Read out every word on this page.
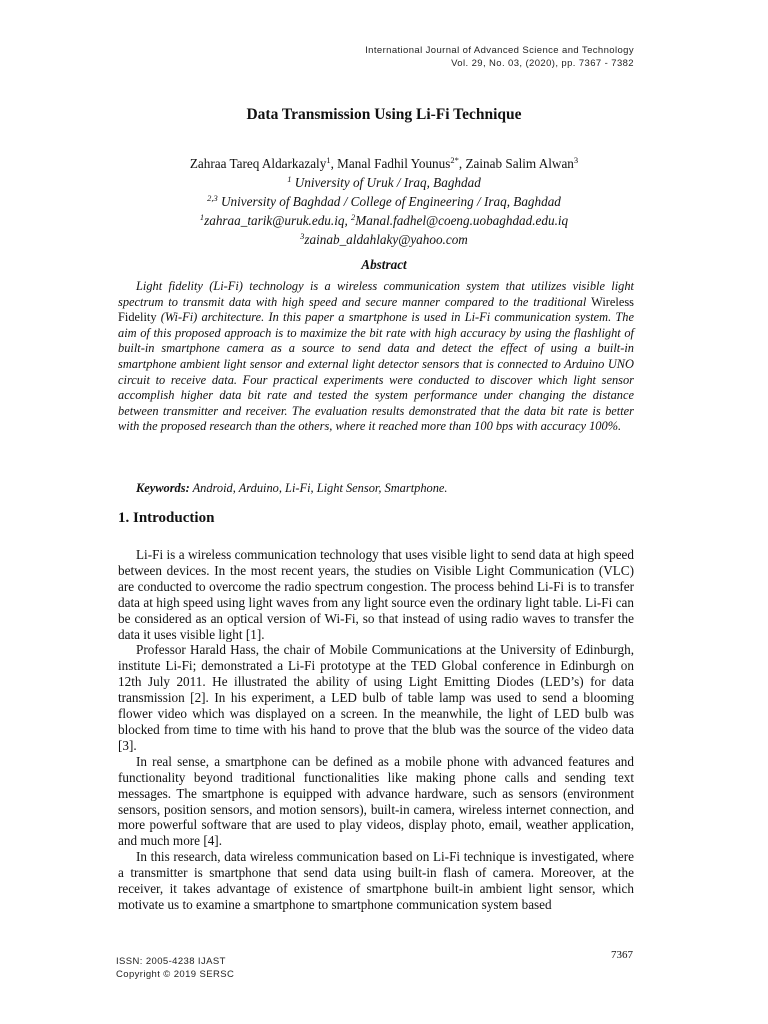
International Journal of Advanced Science and Technology
Vol. 29, No. 03, (2020), pp. 7367 - 7382
Data Transmission Using Li-Fi Technique
Zahraa Tareq Aldarkazaly$^1$, Manal Fadhil Younus$^{2*}$, Zainab Salim Alwan$^3$
$^1$ University of Uruk / Iraq, Baghdad
$^{2,3}$ University of Baghdad / College of Engineering / Iraq, Baghdad
$^1$zahraa_tarik@uruk.edu.iq, $^2$Manal.fadhel@coeng.uobaghdad.edu.iq
$^3$zainab_aldahlaky@yahoo.com
Abstract

Light fidelity (Li-Fi) technology is a wireless communication system that utilizes visible light spectrum to transmit data with high speed and secure manner compared to the traditional Wireless Fidelity (Wi-Fi) architecture. In this paper a smartphone is used in Li-Fi communication system. The aim of this proposed approach is to maximize the bit rate with high accuracy by using the flashlight of built-in smartphone camera as a source to send data and detect the effect of using a built-in smartphone ambient light sensor and external light detector sensors that is connected to Arduino UNO circuit to receive data. Four practical experiments were conducted to discover which light sensor accomplish higher data bit rate and tested the system performance under changing the distance between transmitter and receiver. The evaluation results demonstrated that the data bit rate is better with the proposed research than the others, where it reached more than 100 bps with accuracy 100%.

Keywords: Android, Arduino, Li-Fi, Light Sensor, Smartphone.
1. Introduction

Li-Fi is a wireless communication technology that uses visible light to send data at high speed between devices. In the most recent years, the studies on Visible Light Communication (VLC) are conducted to overcome the radio spectrum congestion. The process behind Li-Fi is to transfer data at high speed using light waves from any light source even the ordinary light table. Li-Fi can be considered as an optical version of Wi-Fi, so that instead of using radio waves to transfer the data it uses visible light [1].

Professor Harald Hass, the chair of Mobile Communications at the University of Edinburgh, institute Li-Fi; demonstrated a Li-Fi prototype at the TED Global conference in Edinburgh on 12th July 2011. He illustrated the ability of using Light Emitting Diodes (LED’s) for data transmission [2]. In his experiment, a LED bulb of table lamp was used to send a blooming flower video which was displayed on a screen. In the meanwhile, the light of LED bulb was blocked from time to time with his hand to prove that the blub was the source of the video data [3].

In real sense, a smartphone can be defined as a mobile phone with advanced features and functionality beyond traditional functionalities like making phone calls and sending text messages. The smartphone is equipped with advance hardware, such as sensors (environment sensors, position sensors, and motion sensors), built-in camera, wireless internet connection, and more powerful software that are used to play videos, display photo, email, weather application, and much more [4].

In this research, data wireless communication based on Li-Fi technique is investigated, where a transmitter is smartphone that send data using built-in flash of camera. Moreover, at the receiver, it takes advantage of existence of smartphone built-in ambient light sensor, which motivate us to examine a smartphone to smartphone communication system based

7367
ISSN: 2005-4238 IJAST
Copyright © 2019 SERSC
